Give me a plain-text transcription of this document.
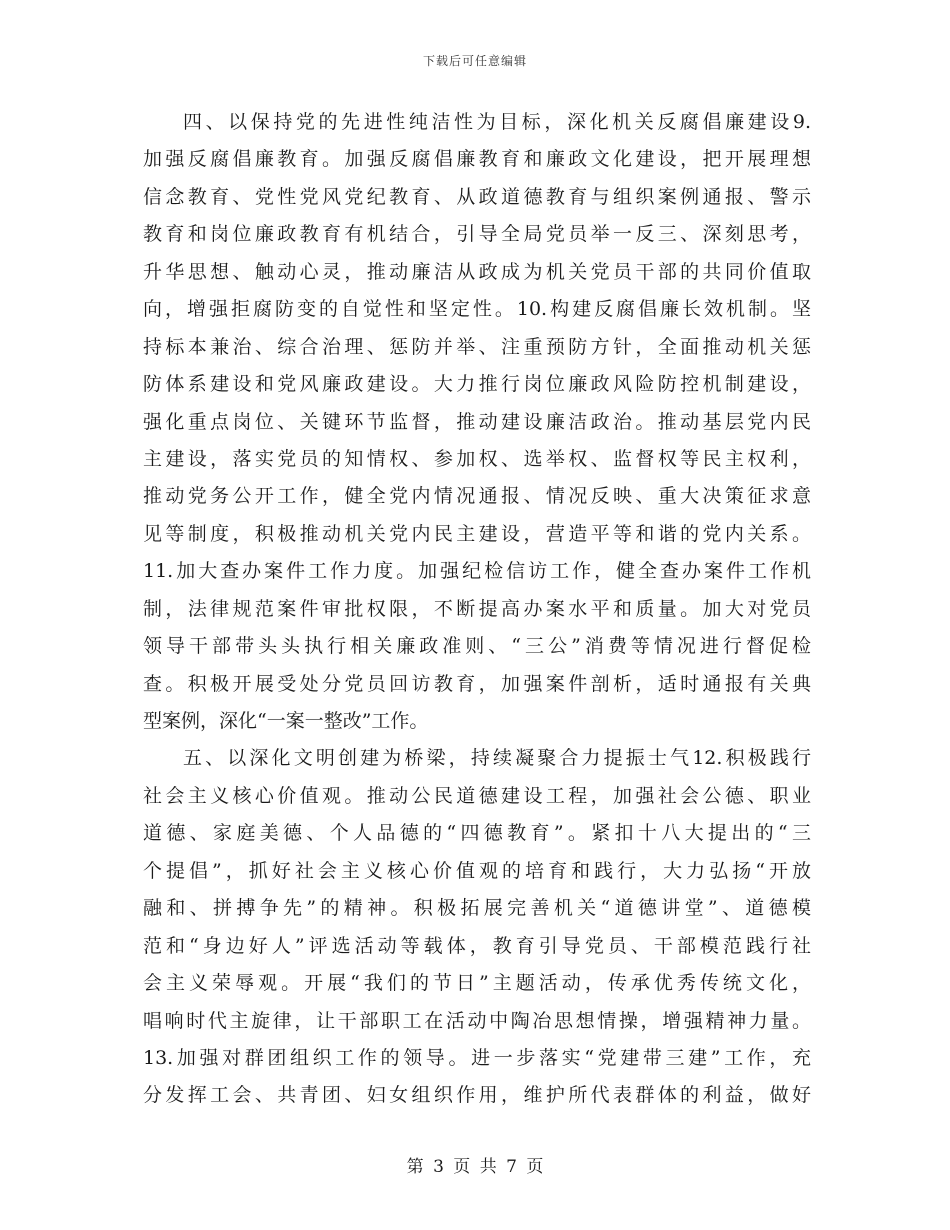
下载后可任意编辑
四、以保持党的先进性纯洁性为目标，深化机关反腐倡廉建设9.
加强反腐倡廉教育。加强反腐倡廉教育和廉政文化建设，把开展理想
信念教育、党性党风党纪教育、从政道德教育与组织案例通报、警示
教育和岗位廉政教育有机结合，引导全局党员举一反三、深刻思考，
升华思想、触动心灵，推动廉洁从政成为机关党员干部的共同价值取
向，增强拒腐防变的自觉性和坚定性。10.构建反腐倡廉长效机制。坚
持标本兼治、综合治理、惩防并举、注重预防方针，全面推动机关惩
防体系建设和党风廉政建设。大力推行岗位廉政风险防控机制建设，
强化重点岗位、关键环节监督，推动建设廉洁政治。推动基层党内民
主建设，落实党员的知情权、参加权、选举权、监督权等民主权利，
推动党务公开工作，健全党内情况通报、情况反映、重大决策征求意
见等制度，积极推动机关党内民主建设，营造平等和谐的党内关系。
11.加大查办案件工作力度。加强纪检信访工作，健全查办案件工作机
制，法律规范案件审批权限，不断提高办案水平和质量。加大对党员
领导干部带头头执行相关廉政准则、“三公”消费等情况进行督促检
查。积极开展受处分党员回访教育，加强案件剖析，适时通报有关典
型案例，深化“一案一整改”工作。
五、以深化文明创建为桥梁，持续凝聚合力提振士气12.积极践行
社会主义核心价值观。推动公民道德建设工程，加强社会公德、职业
道德、家庭美德、个人品德的“四德教育”。紧扣十八大提出的“三
个提倡”，抓好社会主义核心价值观的培育和践行，大力弘扬“开放
融和、拼搏争先”的精神。积极拓展完善机关“道德讲堂”、道德模
范和“身边好人”评选活动等载体，教育引导党员、干部模范践行社
会主义荣辱观。开展“我们的节日”主题活动，传承优秀传统文化，
唱响时代主旋律，让干部职工在活动中陶冶思想情操，增强精神力量。
13.加强对群团组织工作的领导。进一步落实“党建带三建”工作，充
分发挥工会、共青团、妇女组织作用，维护所代表群体的利益，做好
第 3 页 共 7 页
